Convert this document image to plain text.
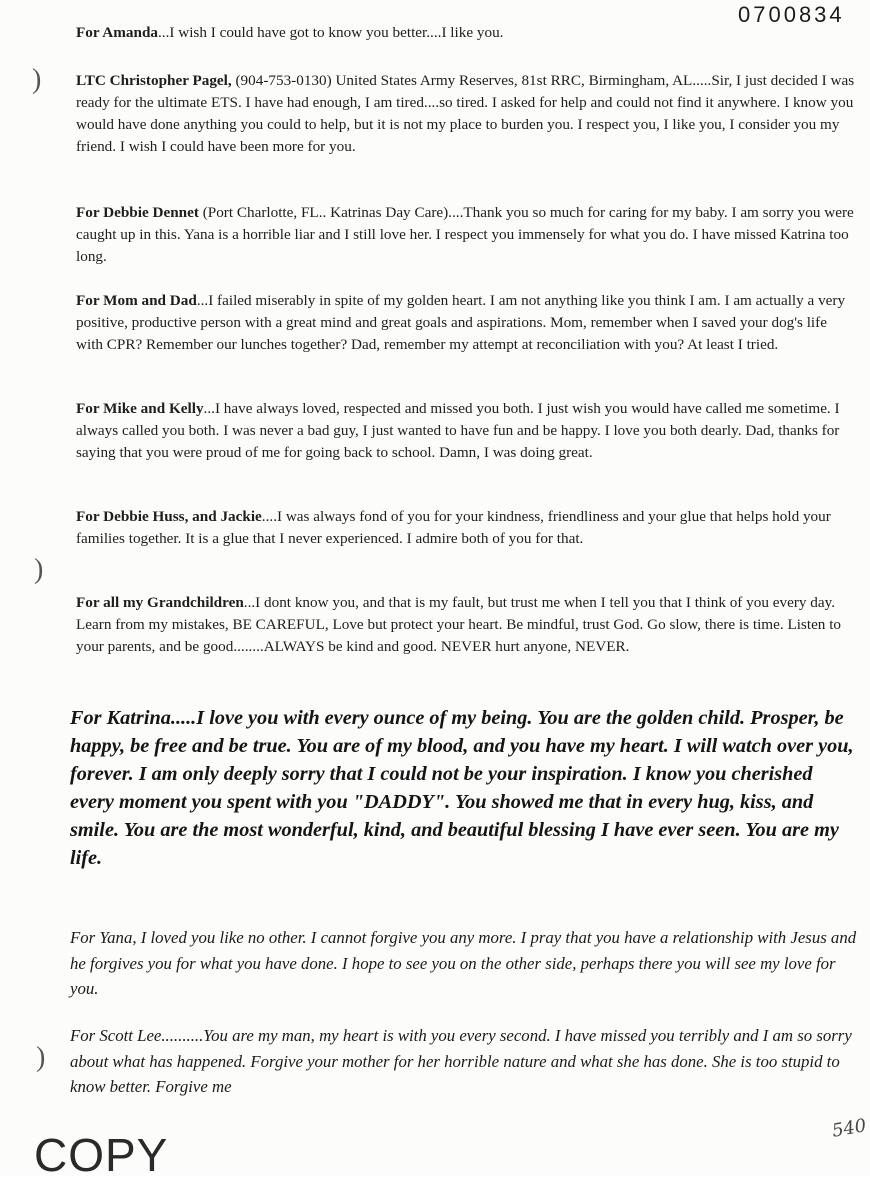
0700834

For Amanda...I wish I could have got to know you better....I like you.

LTC Christopher Pagel, (904-753-0130) United States Army Reserves, 81st RRC, Birmingham, AL.....Sir, I just decided I was ready for the ultimate ETS. I have had enough, I am tired....so tired. I asked for help and could not find it anywhere. I know you would have done anything you could to help, but it is not my place to burden you. I respect you, I like you, I consider you my friend. I wish I could have been more for you.

For Debbie Dennet (Port Charlotte, FL.. Katrinas Day Care)....Thank you so much for caring for my baby. I am sorry you were caught up in this. Yana is a horrible liar and I still love her. I respect you immensely for what you do. I have missed Katrina too long.

For Mom and Dad...I failed miserably in spite of my golden heart. I am not anything like you think I am. I am actually a very positive, productive person with a great mind and great goals and aspirations. Mom, remember when I saved your dog's life with CPR? Remember our lunches together? Dad, remember my attempt at reconciliation with you? At least I tried.

For Mike and Kelly...I have always loved, respected and missed you both. I just wish you would have called me sometime. I always called you both. I was never a bad guy, I just wanted to have fun and be happy. I love you both dearly. Dad, thanks for saying that you were proud of me for going back to school. Damn, I was doing great.

For Debbie Huss, and Jackie....I was always fond of you for your kindness, friendliness and your glue that helps hold your families together. It is a glue that I never experienced. I admire both of you for that.

For all my Grandchildren...I dont know you, and that is my fault, but trust me when I tell you that I think of you every day. Learn from my mistakes, BE CAREFUL, Love but protect your heart. Be mindful, trust God. Go slow, there is time. Listen to your parents, and be good........ALWAYS be kind and good. NEVER hurt anyone, NEVER.

For Katrina.....I love you with every ounce of my being. You are the golden child. Prosper, be happy, be free and be true. You are of my blood, and you have my heart. I will watch over you, forever. I am only deeply sorry that I could not be your inspiration. I know you cherished every moment you spent with you "DADDY". You showed me that in every hug, kiss, and smile. You are the most wonderful, kind, and beautiful blessing I have ever seen. You are my life.

For Yana, I loved you like no other. I cannot forgive you any more. I pray that you have a relationship with Jesus and he forgives you for what you have done. I hope to see you on the other side, perhaps there you will see my love for you.

For Scott Lee..........You are my man, my heart is with you every second. I have missed you terribly and I am so sorry about what has happened. Forgive your mother for her horrible nature and what she has done. She is too stupid to know better. Forgive me

)
)
)
COPY
540
